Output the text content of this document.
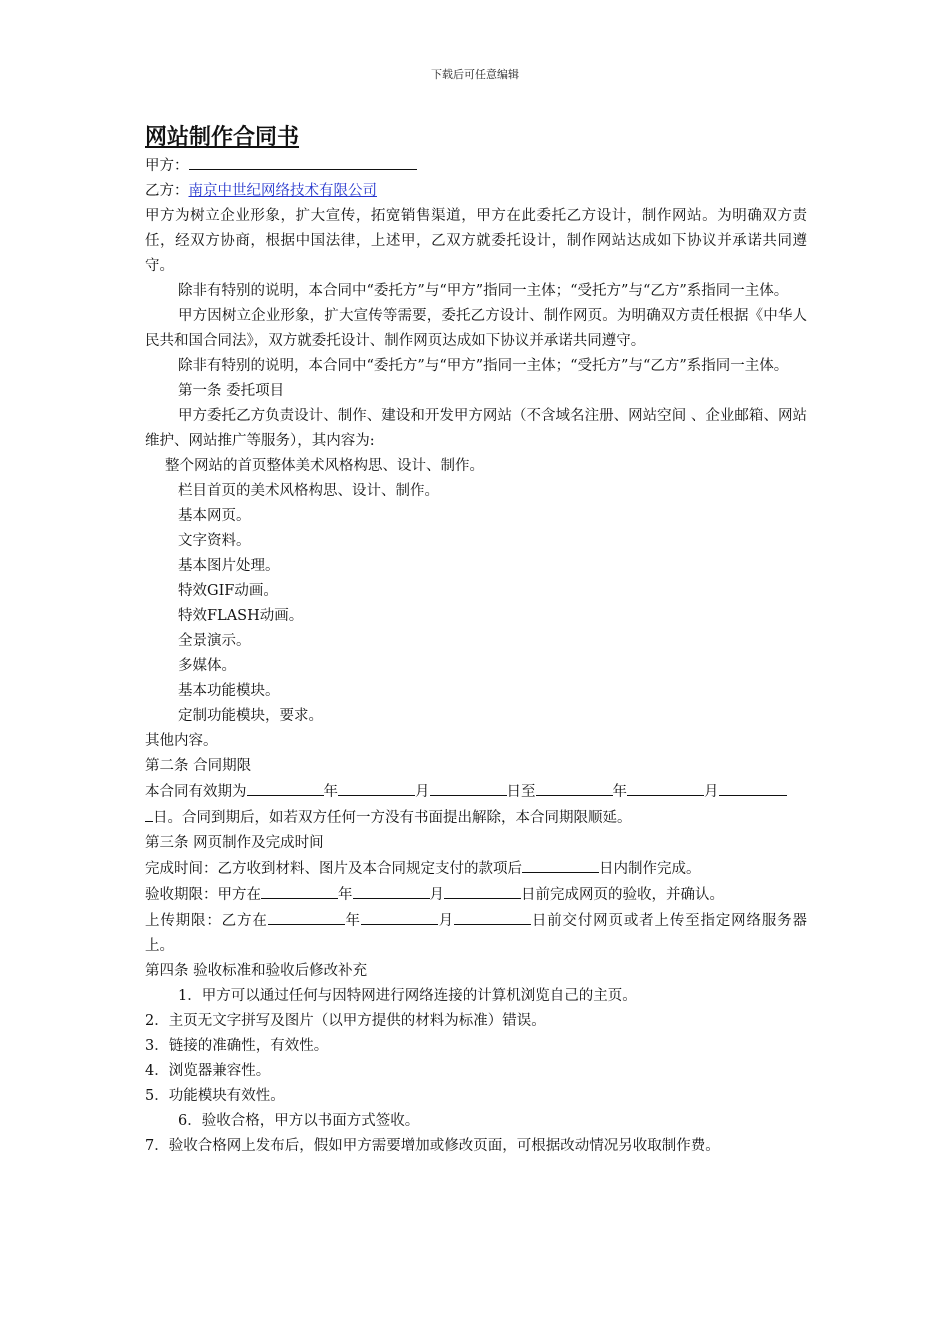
下载后可任意编辑
网站制作合同书

甲方：

乙方：南京中世纪网络技术有限公司

甲方为树立企业形象，扩大宣传，拓宽销售渠道，甲方在此委托乙方设计，制作网站。为明确双方责任，经双方协商，根据中国法律，上述甲，乙双方就委托设计，制作网站达成如下协议并承诺共同遵守。

除非有特别的说明，本合同中“委托方”与“甲方”指同一主体；“受托方”与“乙方”系指同一主体。

甲方因树立企业形象，扩大宣传等需要，委托乙方设计、制作网页。为明确双方责任根据《中华人民共和国合同法》，双方就委托设计、制作网页达成如下协议并承诺共同遵守。

除非有特别的说明，本合同中“委托方”与“甲方”指同一主体；“受托方”与“乙方”系指同一主体。

第一条 委托项目

甲方委托乙方负责设计、制作、建设和开发甲方网站（不含域名注册、网站空间 、企业邮箱、网站维护、网站推广等服务），其内容为:

整个网站的首页整体美术风格构思、设计、制作。

栏目首页的美术风格构思、设计、制作。

基本网页。

文字资料。

基本图片处理。

特效GIF动画。

特效FLASH动画。

全景演示。

多媒体。

基本功能模块。

定制功能模块，要求。

其他内容。

第二条 合同期限

本合同有效期为	年	月	日至	年	月

日。合同到期后，如若双方任何一方没有书面提出解除，本合同期限顺延。

第三条 网页制作及完成时间

完成时间：乙方收到材料、图片及本合同规定支付的款项后	日内制作完成。

验收期限：甲方在	年	月	日前完成网页的验收，并确认。

上传期限：乙方在	年	月	日前交付网页或者上传至指定网络服务器上。

第四条 验收标准和验收后修改补充

1．甲方可以通过任何与因特网进行网络连接的计算机浏览自己的主页。

2．主页无文字拼写及图片（以甲方提供的材料为标准）错误。

3．链接的准确性，有效性。

4．浏览器兼容性。

5．功能模块有效性。

6．验收合格，甲方以书面方式签收。

7．验收合格网上发布后，假如甲方需要增加或修改页面，可根据改动情况另收取制作费。
